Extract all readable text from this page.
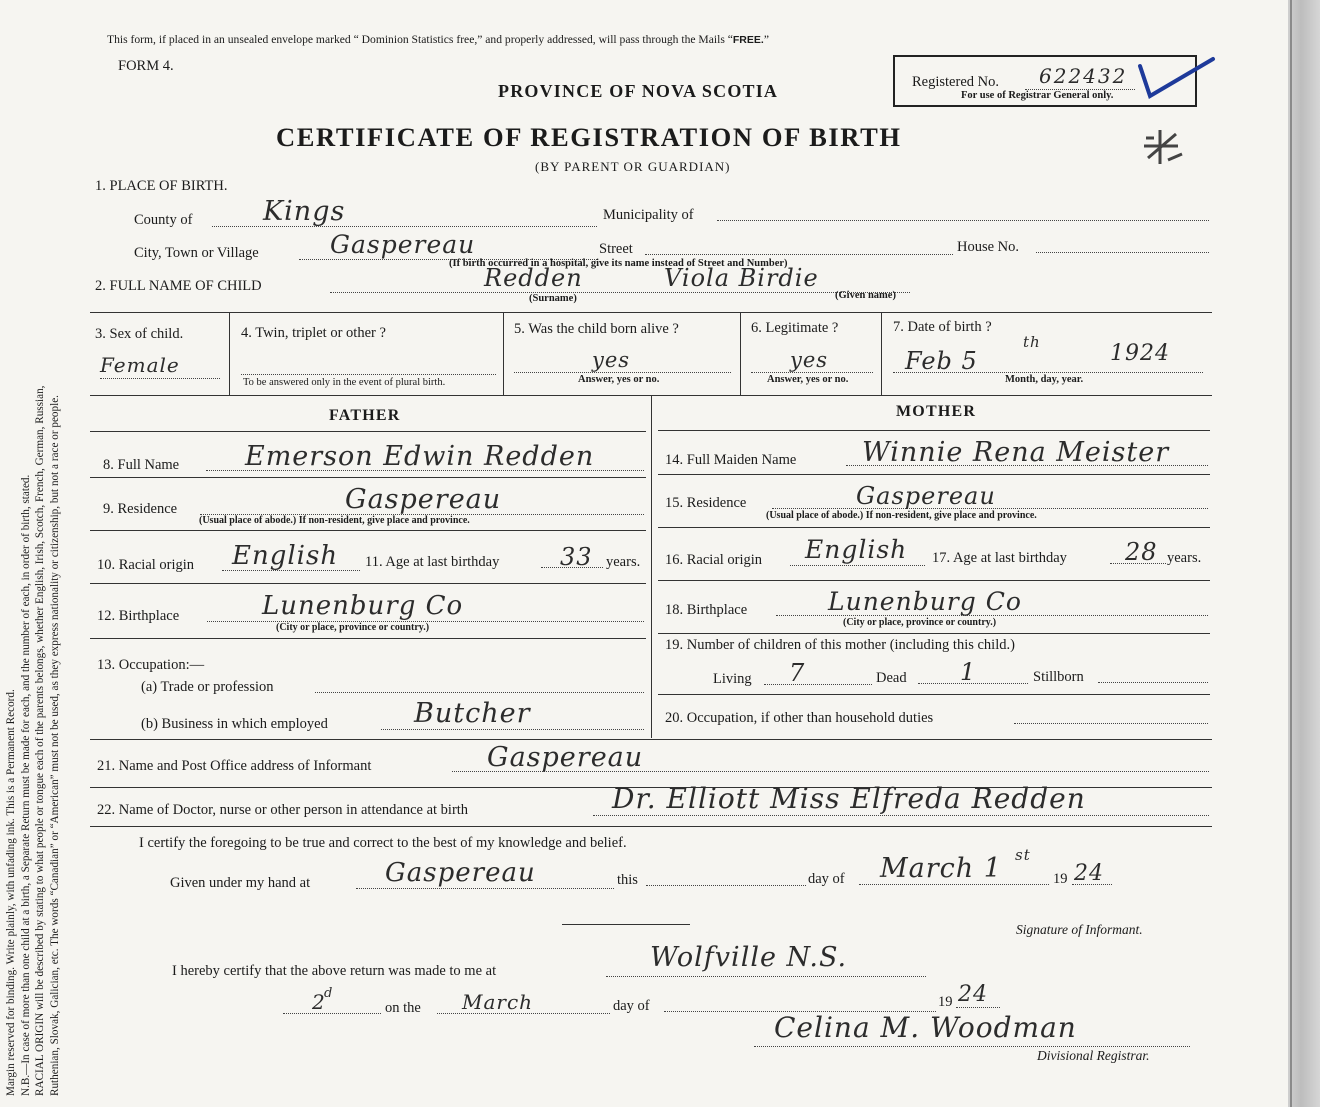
Margin reserved for binding. Write plainly, with unfading ink. This is a Permanent Record. N.B.—In case of more than one child at a birth, a Separate Return must be made for each, and the number of each, in order of birth, stated. RACIAL ORIGIN will be described by stating to what people or tongue each of the parents belongs, whether English, Irish, Scotch, French, German, Russian, Ruthenian, Slovak, Galician, etc. The words “Canadian” or “American” must not be used, as they express nationality or citizenship, but not a race or people.
This form, if placed in an unsealed envelope marked “ Dominion Statistics free,” and properly addressed, will pass through the Mails “FREE.”
FORM 4.
PROVINCE OF NOVA SCOTIA
CERTIFICATE OF REGISTRATION OF BIRTH
(BY PARENT OR GUARDIAN)
Registered No. 622432
For use of Registrar General only.
1. PLACE OF BIRTH.
County of	Kings	Municipality of
City, Town or Village	Gaspereau	Street	House No.
(If birth occurred in a hospital, give its name instead of Street and Number)
2. FULL NAME OF CHILD	Redden	Viola Birdie
(Surname)	(Given name)
3. Sex of child.
Female
4. Twin, triplet or other ?
To be answered only in the event of plural birth.
5. Was the child born alive ?
yes
Answer, yes or no.
6. Legitimate ?
yes
Answer, yes or no.
7. Date of birth ?
Feb 5
th	1924
Month, day, year.
FATHER	MOTHER
8. Full Name Emerson Edwin Redden
9. Residence	Gaspereau
(Usual place of abode.) If non-resident, give place and province.
10. Racial origin English 11. Age at last birthday	33 years.
12. Birthplace	Lunenburg Co
(City or place, province or country.)
13. Occupation:—
(a) Trade or profession
(b) Business in which employed	Butcher
14. Full Maiden Name Winnie Rena Meister
15. Residence	Gaspereau
(Usual place of abode.) If non-resident, give place and province.
16. Racial origin English 17. Age at last birthday 28 years.
18. Birthplace	Lunenburg Co
(City or place, province or country.)
19. Number of children of this mother (including this child.)
Living 7	Dead 1	Stillborn
20. Occupation, if other than household duties
21. Name and Post Office address of Informant	Gaspereau
22. Name of Doctor, nurse or other person in attendance at birth	Dr. Elliott Miss Elfreda Redden
I certify the foregoing to be true and correct to the best of my knowledge and belief.
Given under my hand at	Gaspereau	this	day of March 1 st
19 24
Signature of Informant.
I hereby certify that the above return was made to me at	Wolfville N.S.
2
d
on the March	day of	19 24
Celina M. Woodman
Divisional Registrar.
